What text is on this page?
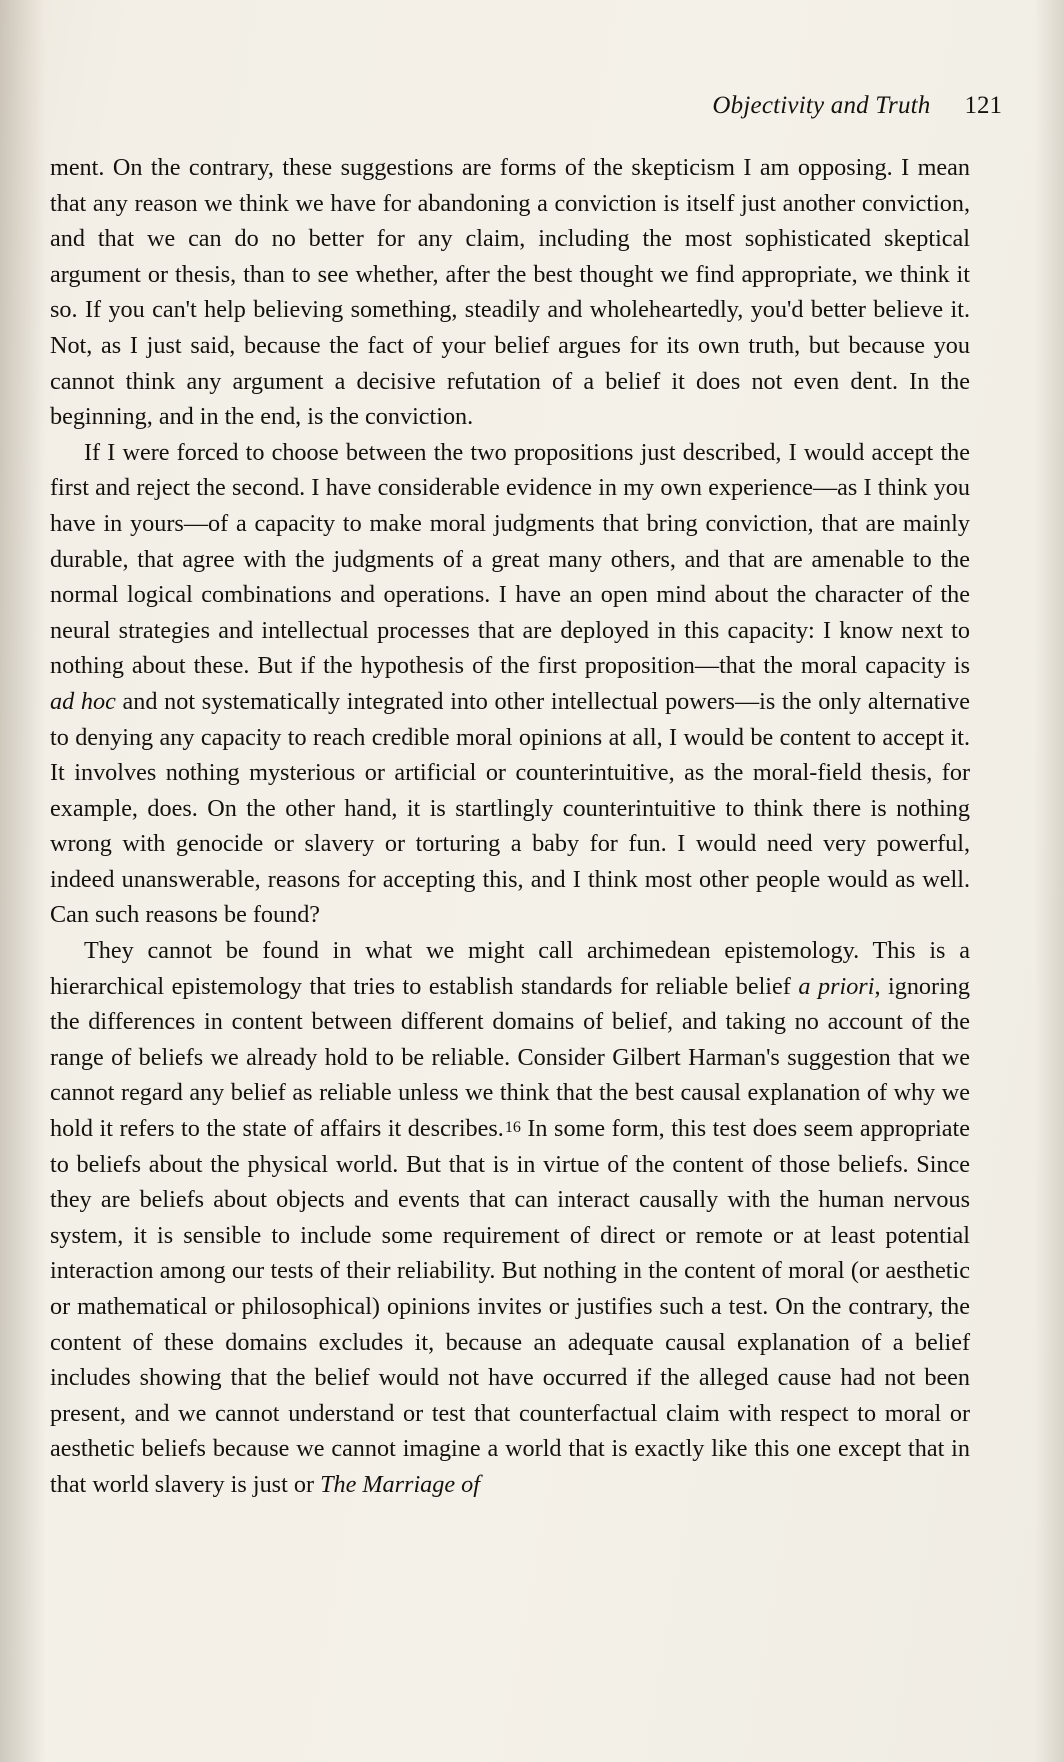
Objectivity and Truth 121

ment. On the contrary, these suggestions are forms of the skepticism I am opposing. I mean that any reason we think we have for abandoning a conviction is itself just another conviction, and that we can do no better for any claim, including the most sophisticated skeptical argument or thesis, than to see whether, after the best thought we find appropriate, we think it so. If you can't help believing something, steadily and wholeheartedly, you'd better believe it. Not, as I just said, because the fact of your belief argues for its own truth, but because you cannot think any argument a decisive refutation of a belief it does not even dent. In the beginning, and in the end, is the conviction.

If I were forced to choose between the two propositions just described, I would accept the first and reject the second. I have considerable evidence in my own experience—as I think you have in yours—of a capacity to make moral judgments that bring conviction, that are mainly durable, that agree with the judgments of a great many others, and that are amenable to the normal logical combinations and operations. I have an open mind about the character of the neural strategies and intellectual processes that are deployed in this capacity: I know next to nothing about these. But if the hypothesis of the first proposition—that the moral capacity is ad hoc and not systematically integrated into other intellectual powers—is the only alternative to denying any capacity to reach credible moral opinions at all, I would be content to accept it. It involves nothing mysterious or artificial or counterintuitive, as the moral-field thesis, for example, does. On the other hand, it is startlingly counterintuitive to think there is nothing wrong with genocide or slavery or torturing a baby for fun. I would need very powerful, indeed unanswerable, reasons for accepting this, and I think most other people would as well. Can such reasons be found?

They cannot be found in what we might call archimedean epistemology. This is a hierarchical epistemology that tries to establish standards for reliable belief a priori, ignoring the differences in content between different domains of belief, and taking no account of the range of beliefs we already hold to be reliable. Consider Gilbert Harman's suggestion that we cannot regard any belief as reliable unless we think that the best causal explanation of why we hold it refers to the state of affairs it describes.$^{16}$ In some form, this test does seem appropriate to beliefs about the physical world. But that is in virtue of the content of those beliefs. Since they are beliefs about objects and events that can interact causally with the human nervous system, it is sensible to include some requirement of direct or remote or at least potential interaction among our tests of their reliability. But nothing in the content of moral (or aesthetic or mathematical or philosophical) opinions invites or justifies such a test. On the contrary, the content of these domains excludes it, because an adequate causal explanation of a belief includes showing that the belief would not have occurred if the alleged cause had not been present, and we cannot understand or test that counterfactual claim with respect to moral or aesthetic beliefs because we cannot imagine a world that is exactly like this one except that in that world slavery is just or The Marriage of
